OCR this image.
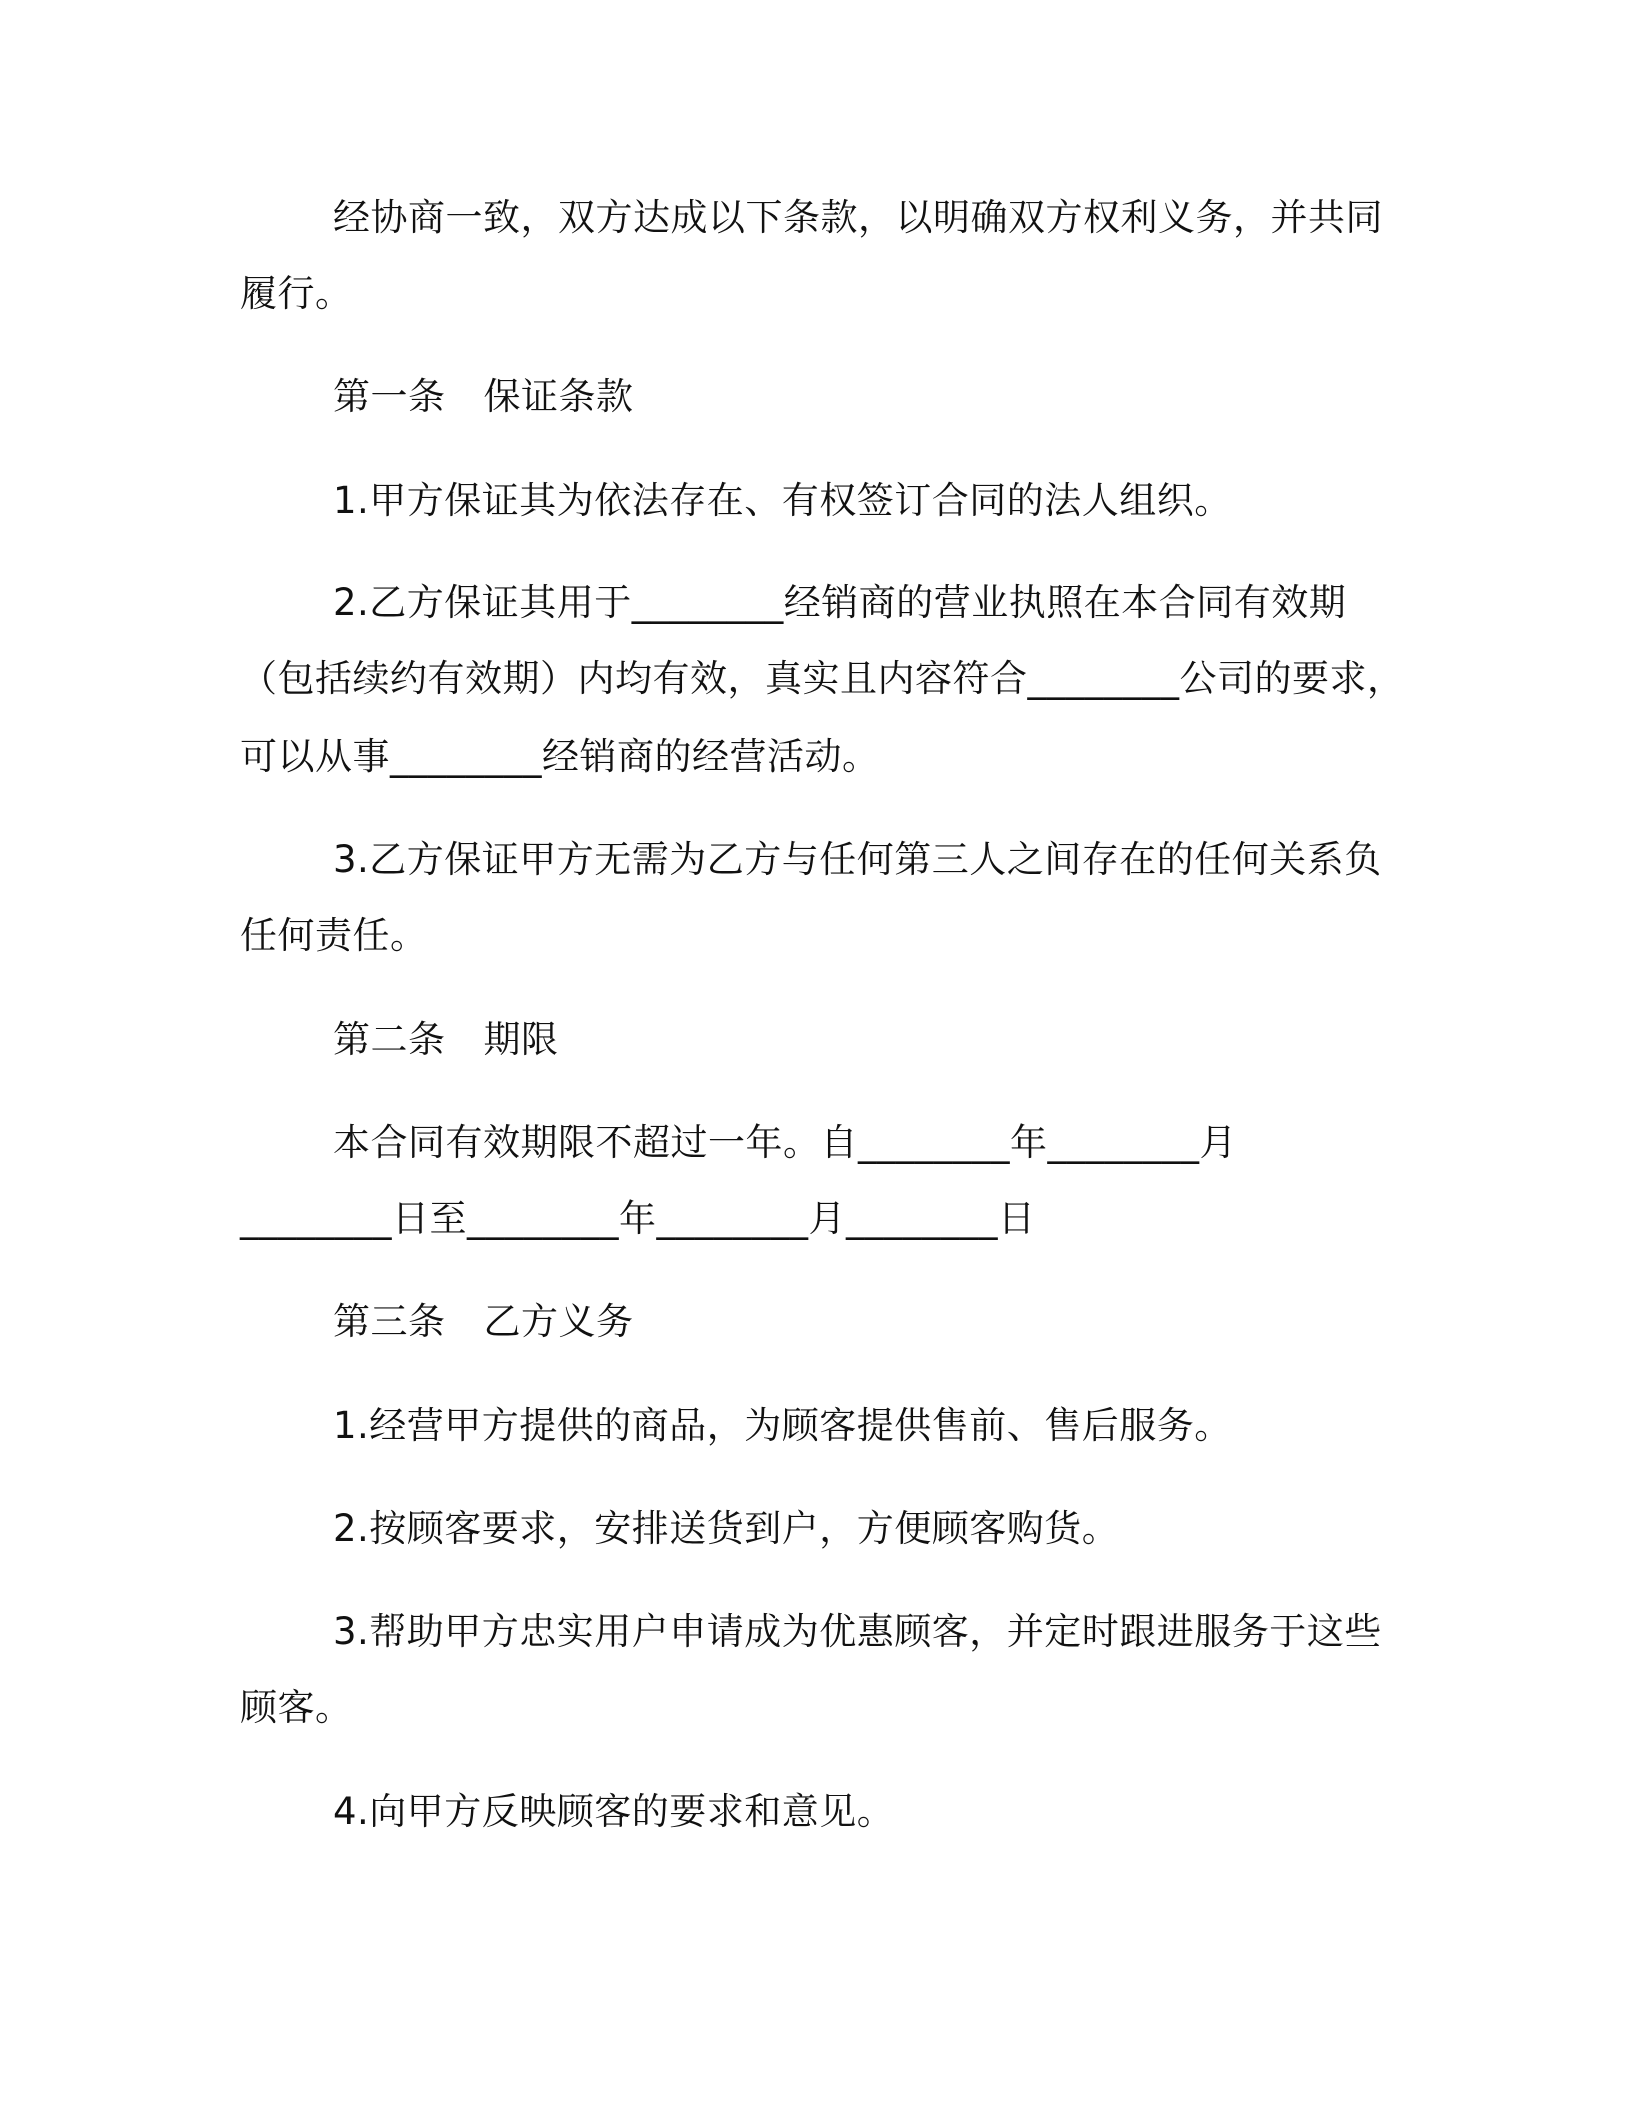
经协商一致，双方达成以下条款，以明确双方权利义务，并共同
履行。
第一条 保证条款
1.甲方保证其为依法存在、有权签订合同的法人组织。
2.乙方保证其用于________经销商的营业执照在本合同有效期
（包括续约有效期）内均有效，真实且内容符合________公司的要求，
可以从事________经销商的经营活动。
3.乙方保证甲方无需为乙方与任何第三人之间存在的任何关系负
任何责任。
第二条 期限
本合同有效期限不超过一年。自________年________月
________日至________年________月________日
第三条 乙方义务
1.经营甲方提供的商品，为顾客提供售前、售后服务。
2.按顾客要求，安排送货到户，方便顾客购货。
3.帮助甲方忠实用户申请成为优惠顾客，并定时跟进服务于这些
顾客。
4.向甲方反映顾客的要求和意见。
